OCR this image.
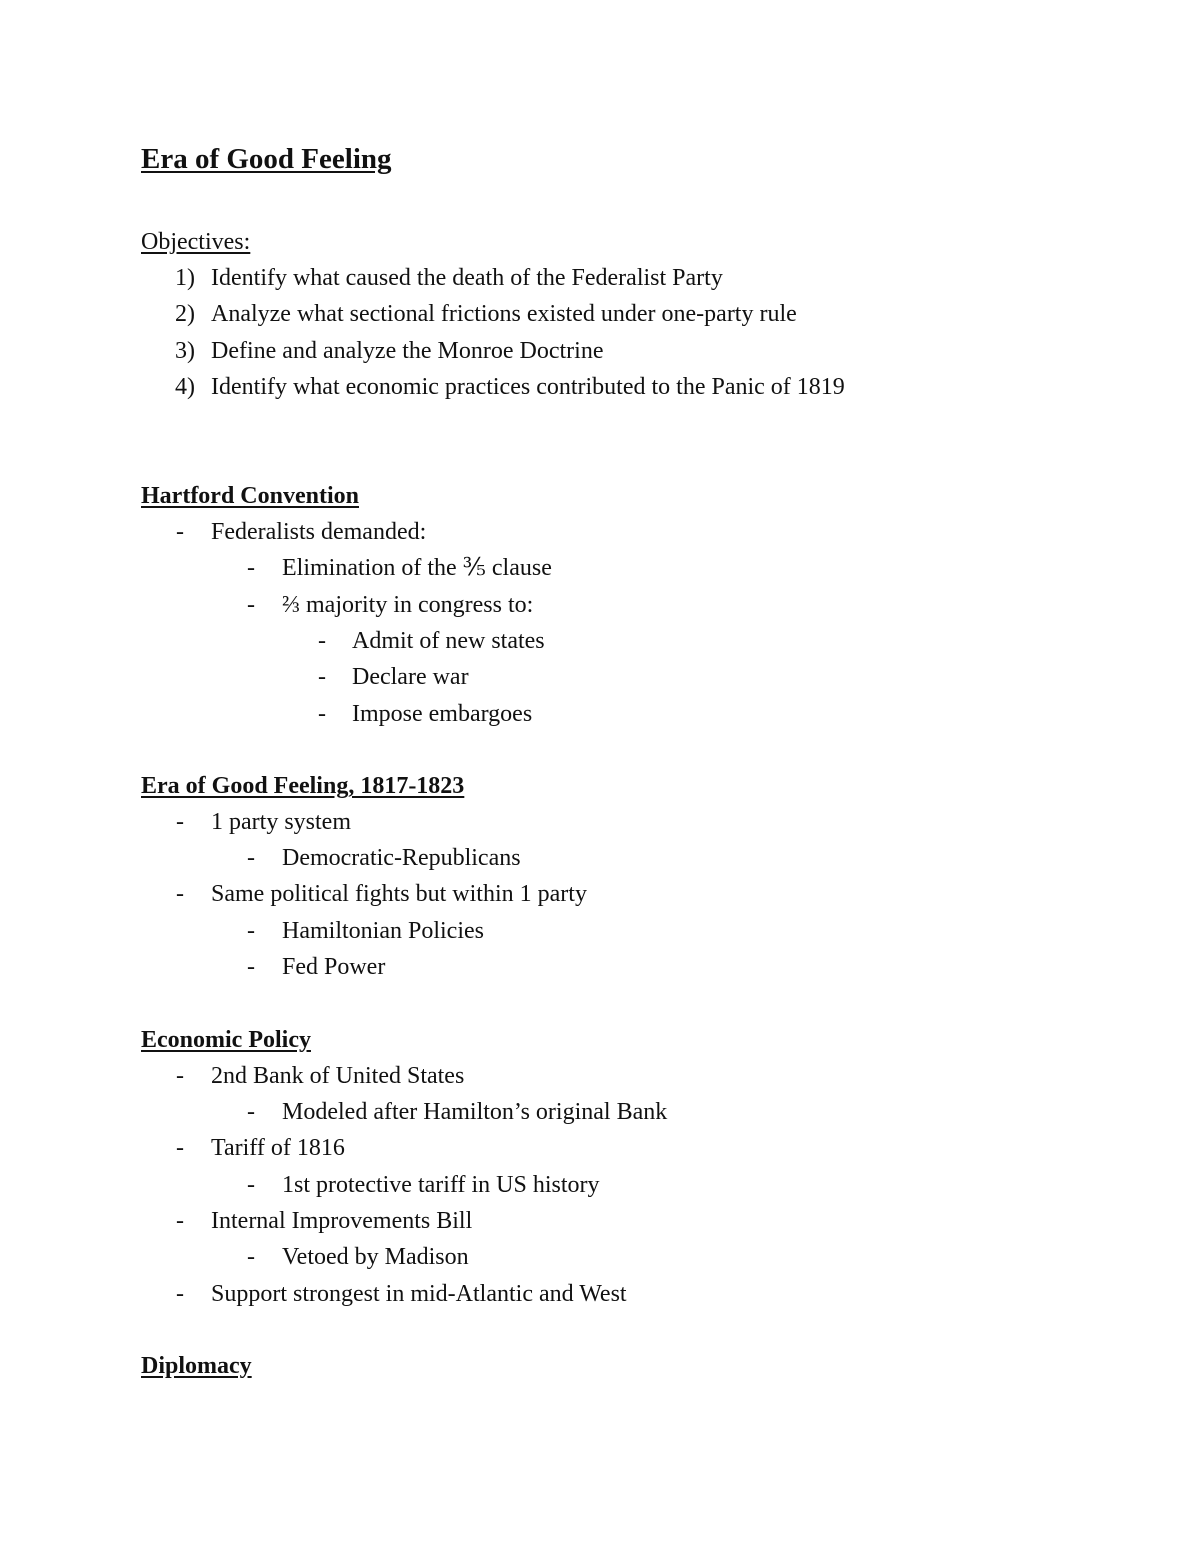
Era of Good Feeling
Objectives:
1) Identify what caused the death of the Federalist Party
2) Analyze what sectional frictions existed under one-party rule
3) Define and analyze the Monroe Doctrine
4) Identify what economic practices contributed to the Panic of 1819
Hartford Convention
- Federalists demanded:
- Elimination of the ⅗ clause
- ⅔ majority in congress to:
- Admit of new states
- Declare war
- Impose embargoes
Era of Good Feeling, 1817-1823
- 1 party system
- Democratic-Republicans
- Same political fights but within 1 party
- Hamiltonian Policies
- Fed Power
Economic Policy
- 2nd Bank of United States
- Modeled after Hamilton’s original Bank
- Tariff of 1816
- 1st protective tariff in US history
- Internal Improvements Bill
- Vetoed by Madison
- Support strongest in mid-Atlantic and West
Diplomacy
